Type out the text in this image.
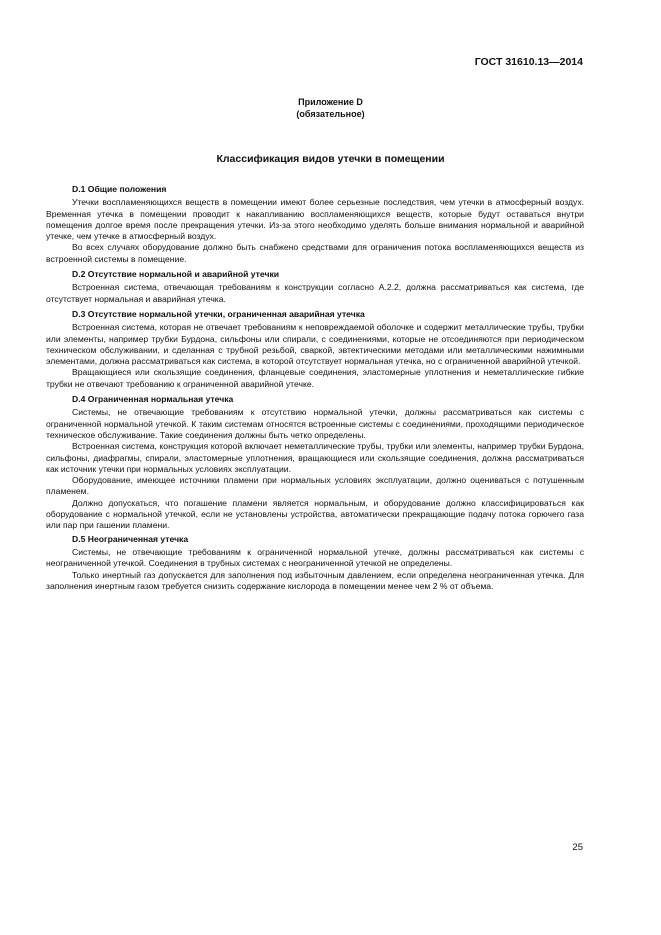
ГОСТ 31610.13—2014
Приложение D
(обязательное)
Классификация видов утечки в помещении
D.1 Общие положения

Утечки воспламеняющихся веществ в помещении имеют более серьезные последствия, чем утечки в атмосферный воздух. Временная утечка в помещении проводит к накапливанию воспламеняющихся веществ, которые будут оставаться внутри помещения долгое время после прекращения утечки. Из-за этого необходимо уделять больше внимания нормальной и аварийной утечке, чем утечке в атмосферный воздух.

Во всех случаях оборудование должно быть снабжено средствами для ограничения потока воспламеняющихся веществ из встроенной системы в помещение.

D.2 Отсутствие нормальной и аварийной утечки

Встроенная система, отвечающая требованиям к конструкции согласно А.2.2, должна рассматриваться как система, где отсутствует нормальная и аварийная утечка.

D.3 Отсутствие нормальной утечки, ограниченная аварийная утечка

Встроенная система, которая не отвечает требованиям к неповреждаемой оболочке и содержит металлические трубы, трубки или элементы, например трубки Бурдона, сильфоны или спирали, с соединениями, которые не отсоединяются при периодическом техническом обслуживании, и сделанная с трубной резьбой, сваркой, эвтектическими методами или металлическими нажимными элементами, должна рассматриваться как система, в которой отсутствует нормальная утечка, но с ограниченной аварийной утечкой.

Вращающиеся или скользящие соединения, фланцевые соединения, эластомерные уплотнения и неметаллические гибкие трубки не отвечают требованию к ограниченной аварийной утечке.

D.4 Ограниченная нормальная утечка

Системы, не отвечающие требованиям к отсутствию нормальной утечки, должны рассматриваться как системы с ограниченной нормальной утечкой. К таким системам относятся встроенные системы с соединениями, проходящими периодическое техническое обслуживание. Такие соединения должны быть четко определены.

Встроенная система, конструкция которой включает неметаллические трубы, трубки или элементы, например трубки Бурдона, сильфоны, диафрагмы, спирали, эластомерные уплотнения, вращающиеся или скользящие соединения, должна рассматриваться как источник утечки при нормальных условиях эксплуатации.

Оборудование, имеющее источники пламени при нормальных условиях эксплуатации, должно оцениваться с потушенным пламенем.

Должно допускаться, что погашение пламени является нормальным, и оборудование должно классифицироваться как оборудование с нормальной утечкой, если не установлены устройства, автоматически прекращающие подачу потока горючего газа или пар при гашении пламени.

D.5 Неограниченная утечка

Системы, не отвечающие требованиям к ограниченной нормальной утечке, должны рассматриваться как системы с неограниченной утечкой. Соединения в трубных системах с неограниченной утечкой не определены.

Только инертный газ допускается для заполнения под избыточным давлением, если определена неограниченная утечка. Для заполнения инертным газом требуется снизить содержание кислорода в помещении менее чем 2 % от объема.

25
